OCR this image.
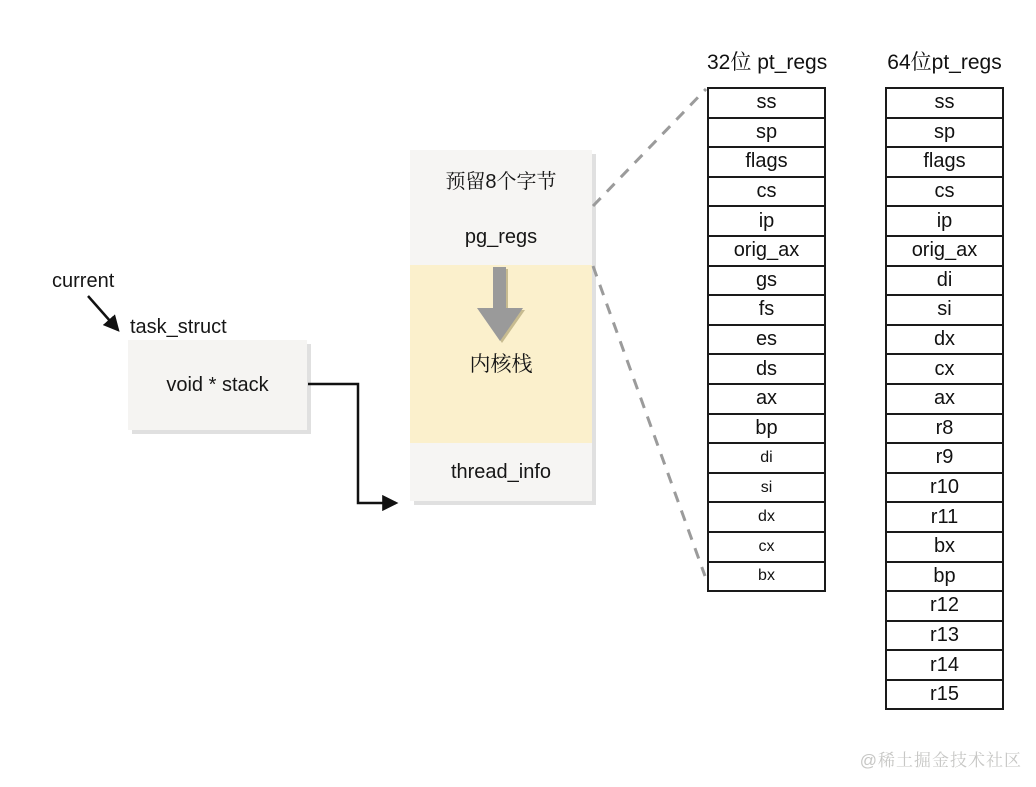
current
task_struct
void * stack
预留8个字节
pg_regs
内核栈
thread_info
32位 pt_regs
ss
sp
flags
cs
ip
orig_ax
gs
fs
es
ds
ax
bp
di
si
dx
cx
bx
64位pt_regs
ss
sp
flags
cs
ip
orig_ax
di
si
dx
cx
ax
r8
r9
r10
r11
bx
bp
r12
r13
r14
r15
@稀土掘金技术社区
